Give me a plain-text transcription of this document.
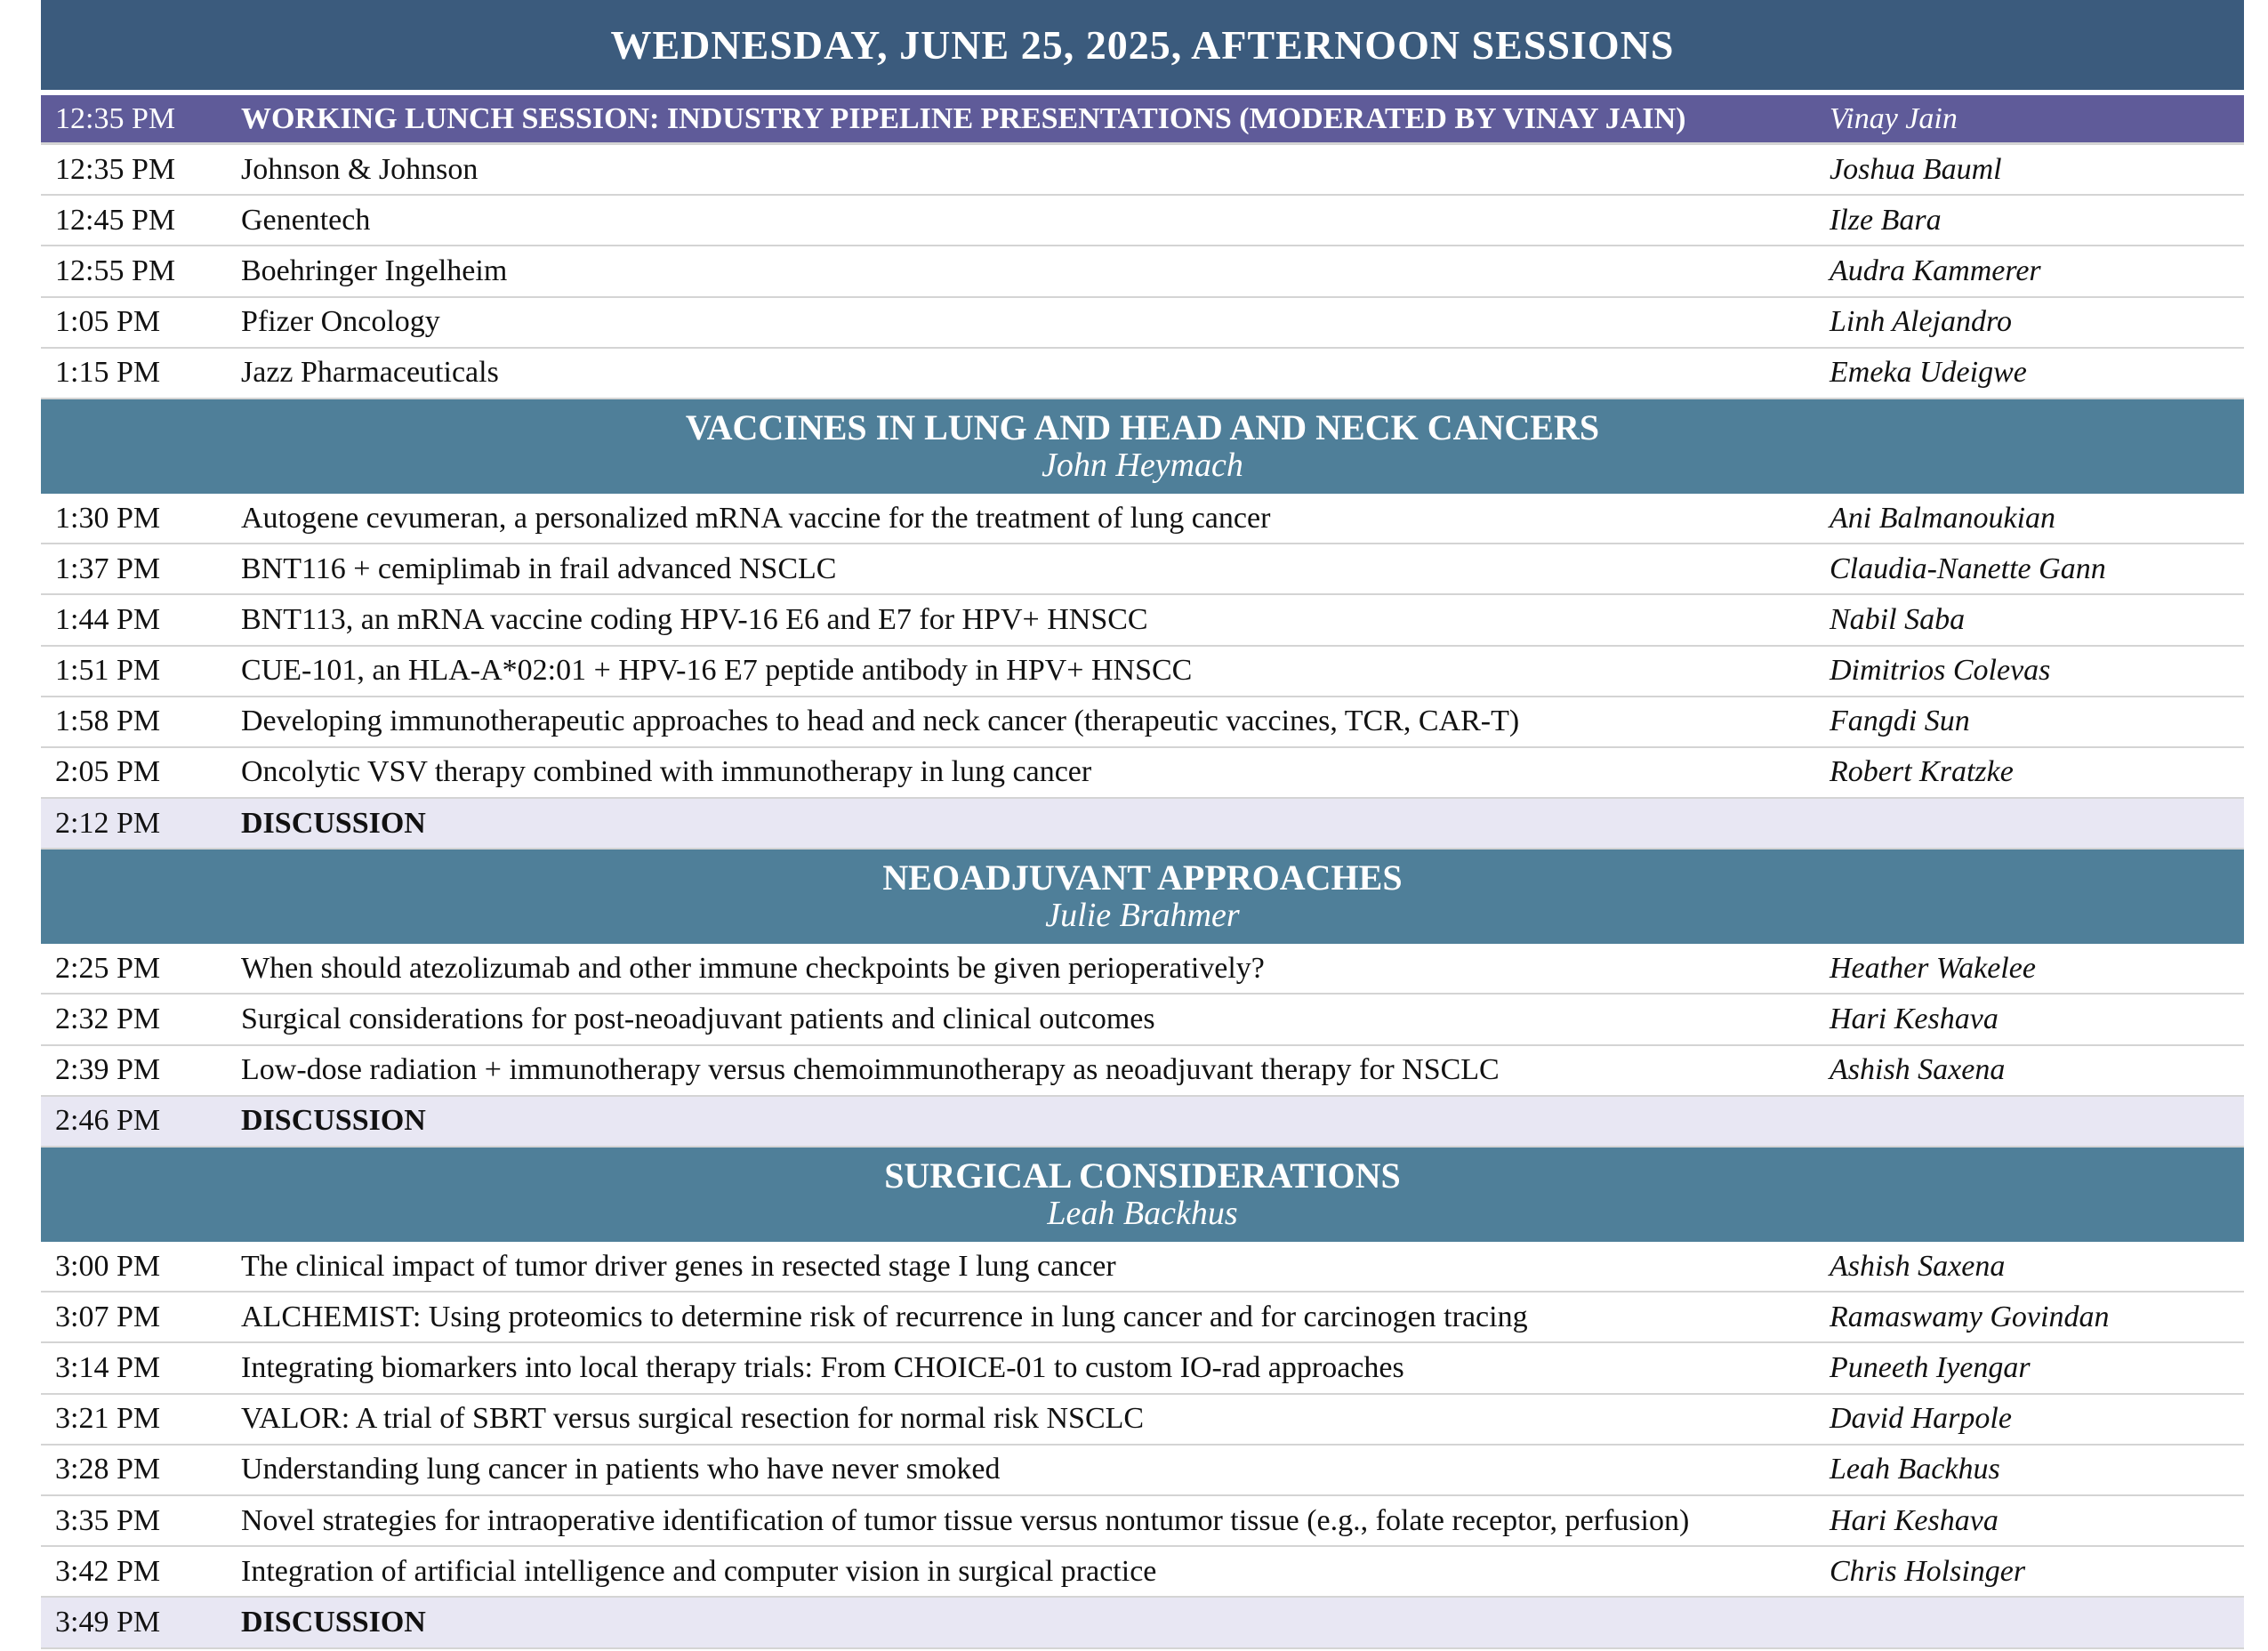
WEDNESDAY, JUNE 25, 2025, AFTERNOON SESSIONS
12:35 PM	WORKING LUNCH SESSION: INDUSTRY PIPELINE PRESENTATIONS (MODERATED BY VINAY JAIN)	Vinay Jain
12:35 PM	Johnson & Johnson	Joshua Bauml
12:45 PM	Genentech	Ilze Bara
12:55 PM	Boehringer Ingelheim	Audra Kammerer
1:05 PM	Pfizer Oncology	Linh Alejandro
1:15 PM	Jazz Pharmaceuticals	Emeka Udeigwe
VACCINES IN LUNG AND HEAD AND NECK CANCERS
John Heymach
1:30 PM	Autogene cevumeran, a personalized mRNA vaccine for the treatment of lung cancer	Ani Balmanoukian
1:37 PM	BNT116 + cemiplimab in frail advanced NSCLC	Claudia-Nanette Gann
1:44 PM	BNT113, an mRNA vaccine coding HPV-16 E6 and E7 for HPV+ HNSCC	Nabil Saba
1:51 PM	CUE-101, an HLA-A*02:01 + HPV-16 E7 peptide antibody in HPV+ HNSCC	Dimitrios Colevas
1:58 PM	Developing immunotherapeutic approaches to head and neck cancer (therapeutic vaccines, TCR, CAR-T)	Fangdi Sun
2:05 PM	Oncolytic VSV therapy combined with immunotherapy in lung cancer	Robert Kratzke
2:12 PM	DISCUSSION
NEOADJUVANT APPROACHES
Julie Brahmer
2:25 PM	When should atezolizumab and other immune checkpoints be given perioperatively?	Heather Wakelee
2:32 PM	Surgical considerations for post-neoadjuvant patients and clinical outcomes	Hari Keshava
2:39 PM	Low-dose radiation + immunotherapy versus chemoimmunotherapy as neoadjuvant therapy for NSCLC	Ashish Saxena
2:46 PM	DISCUSSION
SURGICAL CONSIDERATIONS
Leah Backhus
3:00 PM	The clinical impact of tumor driver genes in resected stage I lung cancer	Ashish Saxena
3:07 PM	ALCHEMIST: Using proteomics to determine risk of recurrence in lung cancer and for carcinogen tracing	Ramaswamy Govindan
3:14 PM	Integrating biomarkers into local therapy trials: From CHOICE-01 to custom IO-rad approaches	Puneeth Iyengar
3:21 PM	VALOR: A trial of SBRT versus surgical resection for normal risk NSCLC	David Harpole
3:28 PM	Understanding lung cancer in patients who have never smoked	Leah Backhus
3:35 PM	Novel strategies for intraoperative identification of tumor tissue versus nontumor tissue (e.g., folate receptor, perfusion)	Hari Keshava
3:42 PM	Integration of artificial intelligence and computer vision in surgical practice	Chris Holsinger
3:49 PM	DISCUSSION
